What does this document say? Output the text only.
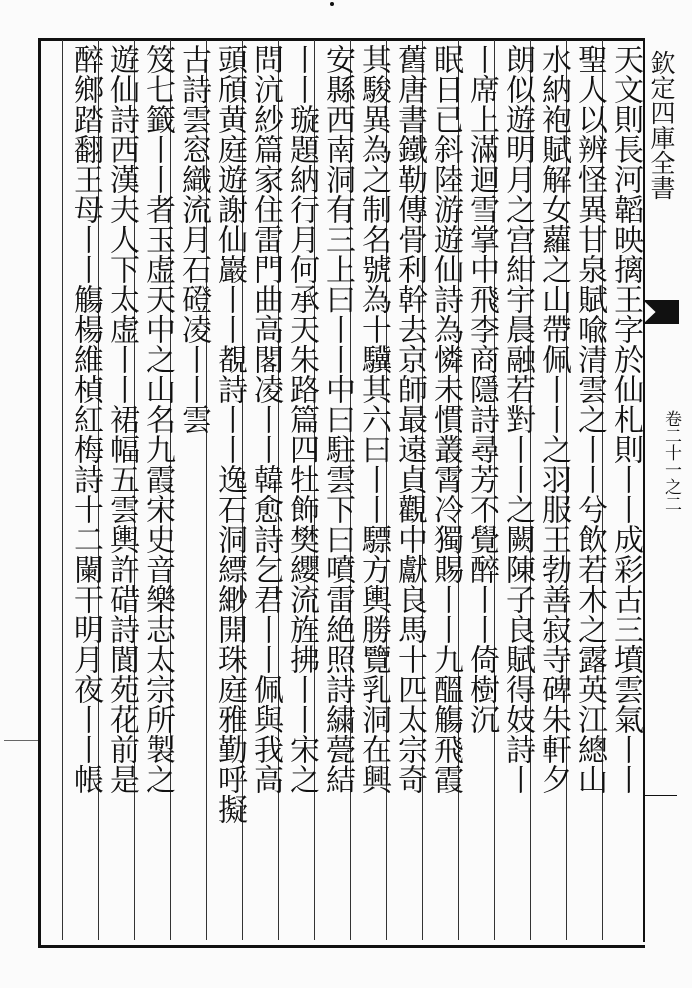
欽定四庫全書
卷二十一之二
天文則長河韜映摛王字於仙札則丨丨成彩古三墳雲氣丨丨
聖人以辨怪異甘泉賦喩清雲之丨丨兮飲若木之露英江總山
水納袍賦解女蘿之山帶佩丨丨之羽服王勃善寂寺碑朱軒夕
朗似遊明月之宫紺宇晨融若對丨丨之闕陳子良賦得妓詩丨
丨席上滿迴雪掌中飛李商隱詩尋芳不覺醉丨丨倚樹沉
眠日已斜陸游遊仙詩為憐未慣叢霄冷獨賜丨丨九醞觴飛霞
舊唐書鐵勒傳骨利幹去京師最遠貞觀中獻良馬十匹太宗奇
其駿異為之制名號為十驥其六曰丨丨驃方輿勝覽乳洞在興
安縣西南洞有三上曰丨丨中曰駐雲下曰噴雷絶照詩繍甍結
丨丨璇題納行月何承天朱路篇四牡飾樊纓流旌拂丨丨宋之
問沆紗篇家住雷門曲高閣凌丨丨韓愈詩乞君丨丨佩與我高
頭頎黄庭遊謝仙巖丨丨覩詩丨丨逸石洞縹緲開珠庭雅勤呼擬
古詩雲窓織流月石磴凌丨丨雲
笈七籤丨丨者玉虚天中之山名九霞宋史音樂志太宗所製之
遊仙詩西漢夫人下太虚丨丨裙幅五雲輿許碏詩閬苑花前是
醉鄉踏翻王母丨丨觴楊維楨紅梅詩十二闌干明月夜丨丨帳
